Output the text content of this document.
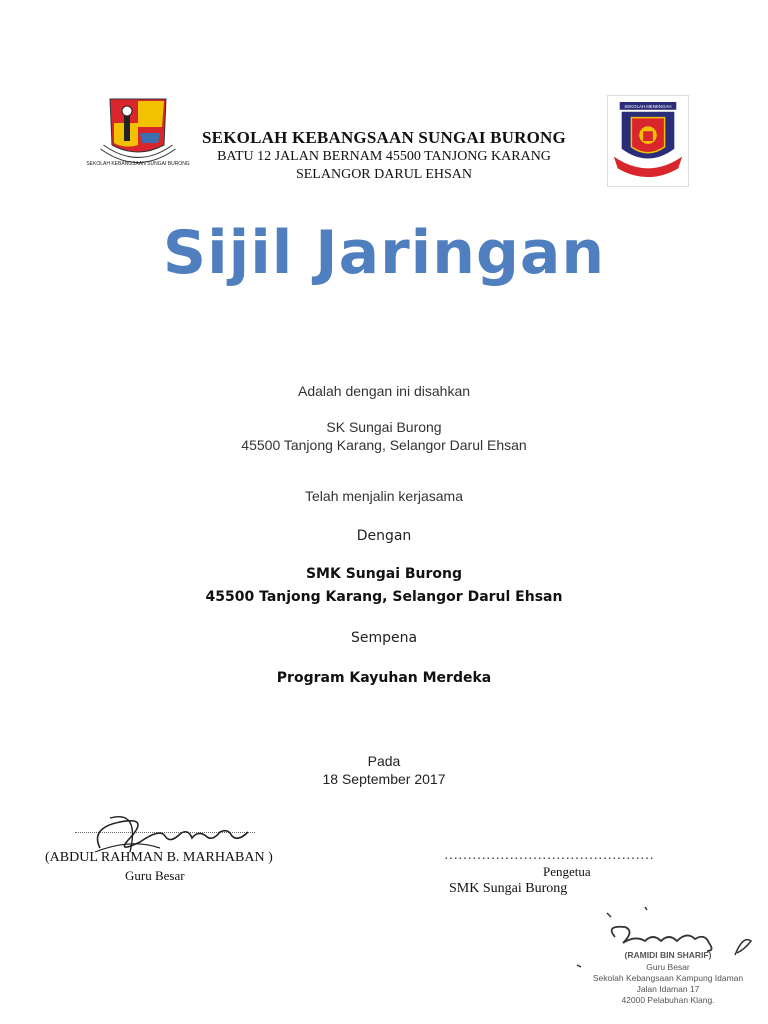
SEKOLAH KEBANGSAAN SUNGAI BURONG
SEKOLAH MENENGAH
SEKOLAH KEBANGSAAN SUNGAI BURONG
BATU 12 JALAN BERNAM 45500 TANJONG KARANG
SELANGOR DARUL EHSAN
Sijil Jaringan
Adalah dengan ini disahkan
SK Sungai Burong
45500 Tanjong Karang, Selangor Darul Ehsan
Telah menjalin kerjasama
Dengan
SMK Sungai Burong
45500 Tanjong Karang, Selangor Darul Ehsan
Sempena
Program Kayuhan Merdeka
Pada
18 September 2017
(ABDUL RAHMAN B. MARHABAN )
Guru Besar
………………………………………
Pengetua
SMK Sungai Burong
(RAMIDI BIN SHARIF)
Guru Besar
Sekolah Kebangsaan Kampung Idaman
Jalan Idaman 17
42000 Pelabuhan Klang.
